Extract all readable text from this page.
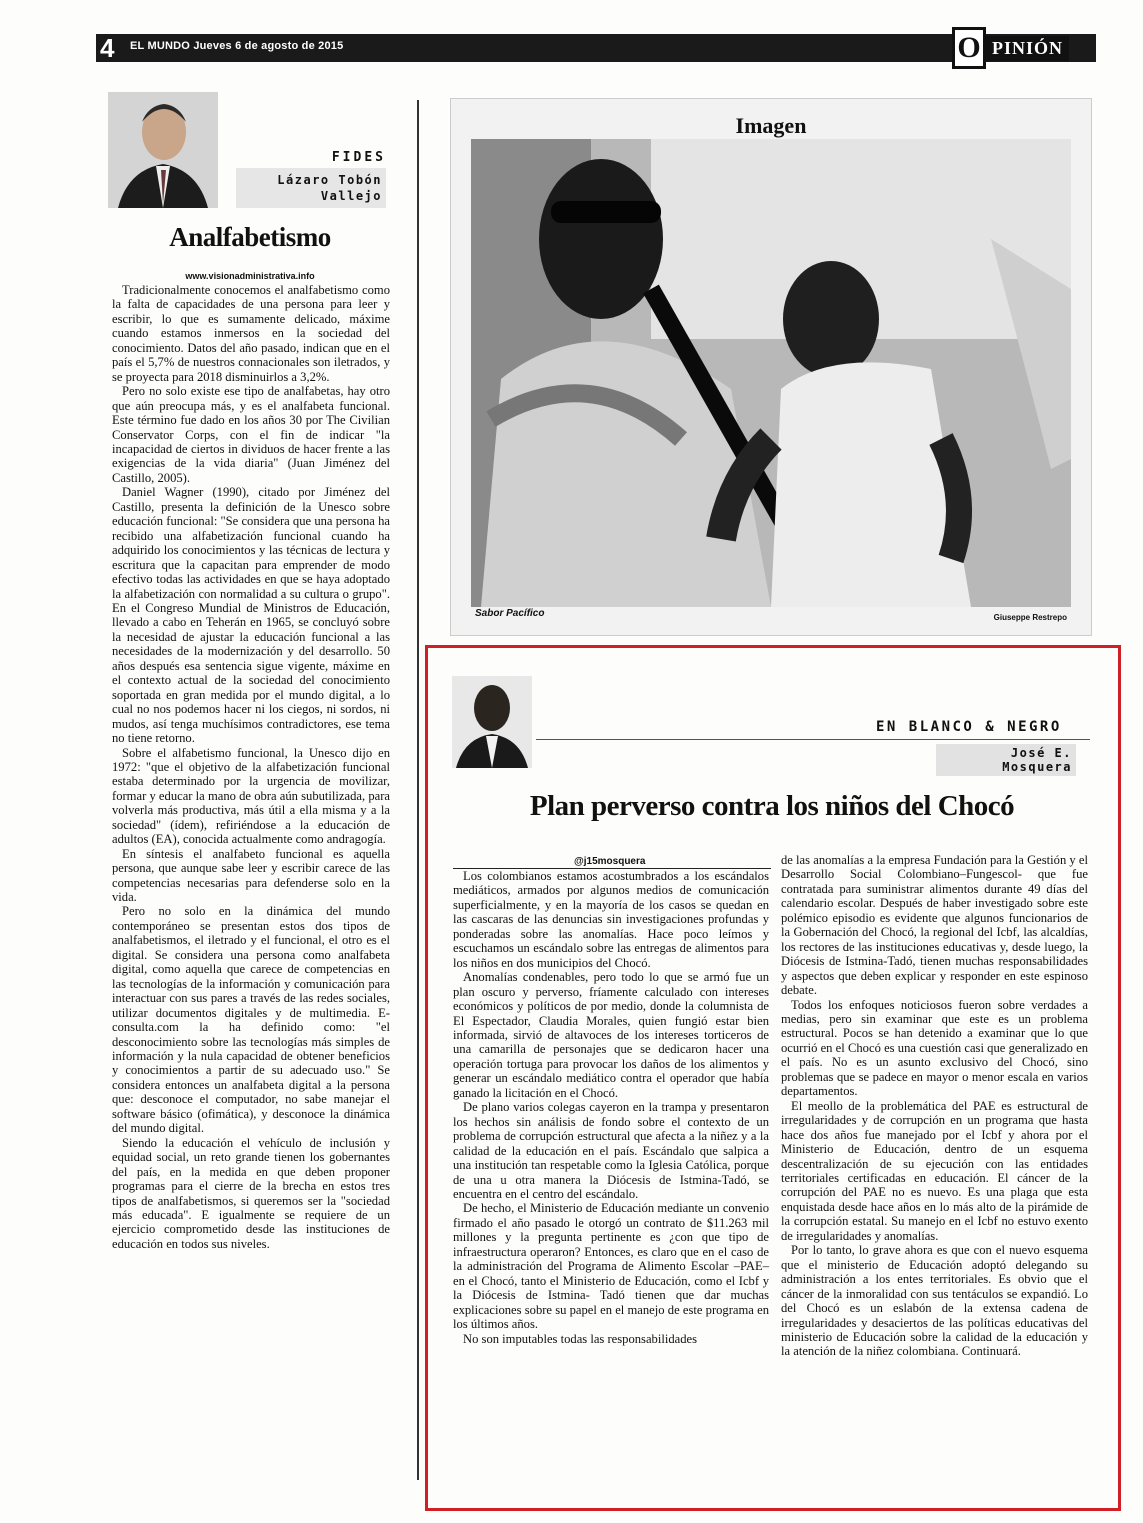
4 EL MUNDO Jueves 6 de agosto de 2015	O PINIÓN
FIDES
Lázaro Tobón Vallejo
Analfabetismo
www.visionadministrativa.info

Tradicionalmente conocemos el analfabetismo como la falta de capacidades de una persona para leer y escribir, lo que es sumamente delicado, máxime cuando estamos inmersos en la sociedad del conocimiento. Datos del año pasado, indican que en el país el 5,7% de nuestros connacionales son iletrados, y se proyecta para 2018 disminuirlos a 3,2%.

Pero no solo existe ese tipo de analfabetas, hay otro que aún preocupa más, y es el analfabeta funcional. Este término fue dado en los años 30 por The Civilian Conservator Corps, con el fin de indicar "la incapacidad de ciertos in dividuos de hacer frente a las exigencias de la vida diaria" (Juan Jiménez del Castillo, 2005).

Daniel Wagner (1990), citado por Jiménez del Castillo, presenta la definición de la Unesco sobre educación funcional: "Se considera que una persona ha recibido una alfabetización funcional cuando ha adquirido los conocimientos y las técnicas de lectura y escritura que la capacitan para emprender de modo efectivo todas las actividades en que se haya adoptado la alfabetización con normalidad a su cultura o grupo". En el Congreso Mundial de Ministros de Educación, llevado a cabo en Teherán en 1965, se concluyó sobre la necesidad de ajustar la educación funcional a las necesidades de la modernización y del desarrollo. 50 años después esa sentencia sigue vigente, máxime en el contexto actual de la sociedad del conocimiento soportada en gran medida por el mundo digital, a lo cual no nos podemos hacer ni los ciegos, ni sordos, ni mudos, así tenga muchísimos contradictores, ese tema no tiene retorno.

Sobre el alfabetismo funcional, la Unesco dijo en 1972: "que el objetivo de la alfabetización funcional estaba determinado por la urgencia de movilizar, formar y educar la mano de obra aún subutilizada, para volverla más productiva, más útil a ella misma y a la sociedad" (ídem), refiriéndose a la educación de adultos (EA), conocida actualmente como andragogía.

En síntesis el analfabeto funcional es aquella persona, que aunque sabe leer y escribir carece de las competencias necesarias para defenderse solo en la vida.

Pero no solo en la dinámica del mundo contemporáneo se presentan estos dos tipos de analfabetismos, el iletrado y el funcional, el otro es el digital. Se considera una persona como analfabeta digital, como aquella que carece de competencias en las tecnologías de la información y comunicación para interactuar con sus pares a través de las redes sociales, utilizar documentos digitales y de multimedia. E-consulta.com la ha definido como: "el desconocimiento sobre las tecnologías más simples de información y la nula capacidad de obtener beneficios y conocimientos a partir de su adecuado uso." Se considera entonces un analfabeta digital a la persona que: desconoce el computador, no sabe manejar el software básico (ofimática), y desconoce la dinámica del mundo digital.

Siendo la educación el vehículo de inclusión y equidad social, un reto grande tienen los gobernantes del país, en la medida en que deben proponer programas para el cierre de la brecha en estos tres tipos de analfabetismos, si queremos ser la "sociedad más educada". E igualmente se requiere de un ejercicio comprometido desde las instituciones de educación en todos sus niveles.

Imagen
Sabor Pacífico	Giuseppe Restrepo
EN BLANCO & NEGRO
José E. Mosquera
Plan perverso contra los niños del Chocó
@j15mosquera

Los colombianos estamos acostumbrados a los escándalos mediáticos, armados por algunos medios de comunicación superficialmente, y en la mayoría de los casos se quedan en las cascaras de las denuncias sin investigaciones profundas y ponderadas sobre las anomalías. Hace poco leímos y escuchamos un escándalo sobre las entregas de alimentos para los niños en dos municipios del Chocó.

Anomalías condenables, pero todo lo que se armó fue un plan oscuro y perverso, fríamente calculado con intereses económicos y políticos de por medio, donde la columnista de El Espectador, Claudia Morales, quien fungió estar bien informada, sirvió de altavoces de los intereses torticeros de una camarilla de personajes que se dedicaron hacer una operación tortuga para provocar los daños de los alimentos y generar un escándalo mediático contra el operador que había ganado la licitación en el Chocó.

De plano varios colegas cayeron en la trampa y presentaron los hechos sin análisis de fondo sobre el contexto de un problema de corrupción estructural que afecta a la niñez y a la calidad de la educación en el país. Escándalo que salpica a una institución tan respetable como la Iglesia Católica, porque de una u otra manera la Diócesis de Istmina-Tadó, se encuentra en el centro del escándalo.

De hecho, el Ministerio de Educación mediante un convenio firmado el año pasado le otorgó un contrato de $11.263 mil millones y la pregunta pertinente es ¿con que tipo de infraestructura operaron? Entonces, es claro que en el caso de la administración del Programa de Alimento Escolar –PAE– en el Chocó, tanto el Ministerio de Educación, como el Icbf y la Diócesis de Istmina- Tadó tienen que dar muchas explicaciones sobre su papel en el manejo de este programa en los últimos años.

No son imputables todas las responsabilidades

de las anomalías a la empresa Fundación para la Gestión y el Desarrollo Social Colombiano–Fungescol- que fue contratada para suministrar alimentos durante 49 días del calendario escolar. Después de haber investigado sobre este polémico episodio es evidente que algunos funcionarios de la Gobernación del Chocó, la regional del Icbf, las alcaldías, los rectores de las instituciones educativas y, desde luego, la Diócesis de Istmina-Tadó, tienen muchas responsabilidades y aspectos que deben explicar y responder en este espinoso debate.

Todos los enfoques noticiosos fueron sobre verdades a medias, pero sin examinar que este es un problema estructural. Pocos se han detenido a examinar que lo que ocurrió en el Chocó es una cuestión casi que generalizado en el país. No es un asunto exclusivo del Chocó, sino problemas que se padece en mayor o menor escala en varios departamentos.

El meollo de la problemática del PAE es estructural de irregularidades y de corrupción en un programa que hasta hace dos años fue manejado por el Icbf y ahora por el Ministerio de Educación, dentro de un esquema descentralización de su ejecución con las entidades territoriales certificadas en educación. El cáncer de la corrupción del PAE no es nuevo. Es una plaga que esta enquistada desde hace años en lo más alto de la pirámide de la corrupción estatal. Su manejo en el Icbf no estuvo exento de irregularidades y anomalías.

Por lo tanto, lo grave ahora es que con el nuevo esquema que el ministerio de Educación adoptó delegando su administración a los entes territoriales. Es obvio que el cáncer de la inmoralidad con sus tentáculos se expandió. Lo del Chocó es un eslabón de la extensa cadena de irregularidades y desaciertos de las políticas educativas del ministerio de Educación sobre la calidad de la educación y la atención de la niñez colombiana. Continuará.
